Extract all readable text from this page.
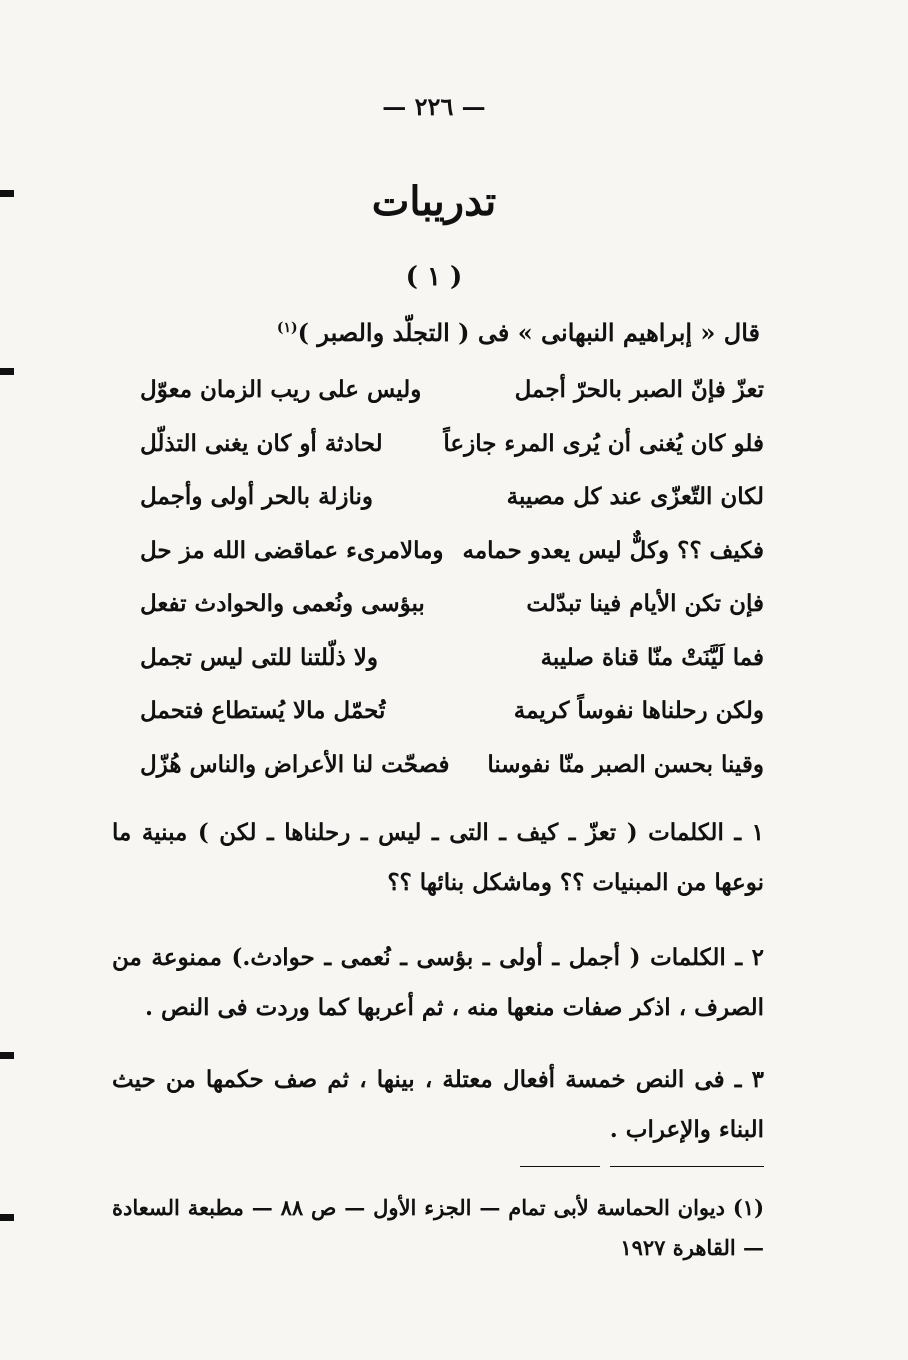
— ٢٢٦ —
تدريبات
( ١ )
قال « إبراهيم النبهانى » فى ( التجلّد والصبر )$^{(١)}$
تعزّ فإنّ الصبر بالحرّ أجمل
وليس على ريب الزمان معوّل
فلو كان يُغنى أن يُرى المرء جازعاً
لحادثة أو كان يغنى التذلّل
لكان التّعزّى عند كل مصيبة
ونازلة بالحر أولى وأجمل
فكيف ؟؟ وكلٌّ ليس يعدو حمامه
ومالامرىء عماقضى الله مز حل
فإن تكن الأيام فينا تبدّلت
ببؤسى ونُعمى والحوادث تفعل
فما لَيَّنَتْ منّا قناة صليبة
ولا ذلّلتنا للتى ليس تجمل
ولكن رحلناها نفوساً كريمة
تُحمّل مالا يُستطاع فتحمل
وقينا بحسن الصبر منّا نفوسنا
فصحّت لنا الأعراض والناس هُزّل
١ ـ الكلمات ( تعزّ ـ كيف ـ التى ـ ليس ـ رحلناها ـ لكن ) مبنية ما نوعها من المبنيات ؟؟ وماشكل بنائها ؟؟
٢ ـ الكلمات ( أجمل ـ أولى ـ بؤسى ـ نُعمى ـ حوادث.) ممنوعة من الصرف ، اذكر صفات منعها منه ، ثم أعربها كما وردت فى النص .
٣ ـ فى النص خمسة أفعال معتلة ، بينها ، ثم صف حكمها من حيث البناء والإعراب .
(١) ديوان الحماسة لأبى تمام — الجزء الأول — ص ٨٨ — مطبعة السعادة — القاهرة ١٩٢٧
